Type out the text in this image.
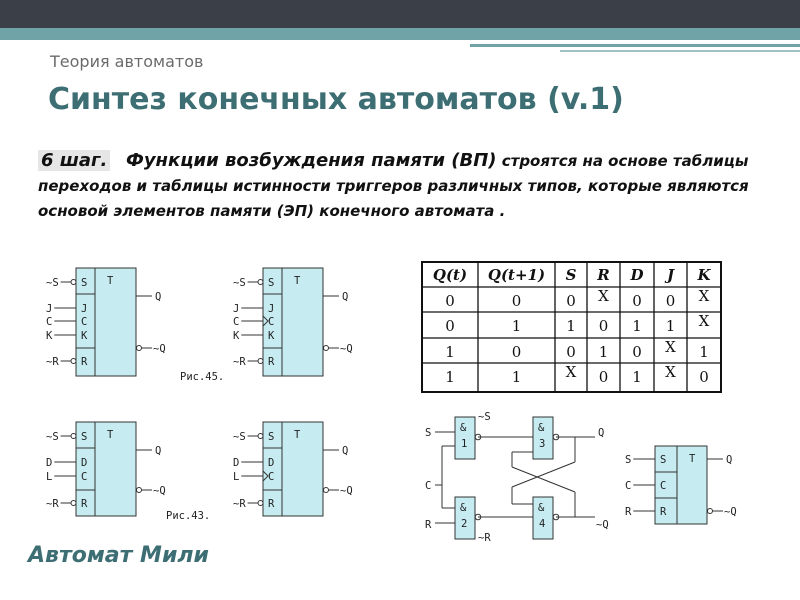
Теория автоматов
Синтез конечных автоматов (v.1)
6 шаг. Функции возбуждения памяти (ВП) строятся на основе таблицы переходов и таблицы истинности триггеров различных типов, которые являются основой элементов памяти (ЭП) конечного автомата .
T
S
~S
J
J
C
C
K
K
R
~R
Q
~Q
T
S
~S
J
J
C
C
K
K
R
~R
Q
~Q
T
S
~S
D
D
C
L
R
~R
Q
~Q
T
S
~S
D
D
C
L
R
~R
Q
~Q
T
S
S
C
C
R
R
Q
~Q
Q(t) Q(t+1) S R D J K
0	0	0 X 0 0 X
0	1	1 0 1 1 X
1	0	0 1 0 X 1
1	1	X 0 1 X 0
&
1
&
3
&
2
&
4
S
C
R
~S
~R
Q
~Q
Рис.45.
Рис.43.
Автомат Мили
